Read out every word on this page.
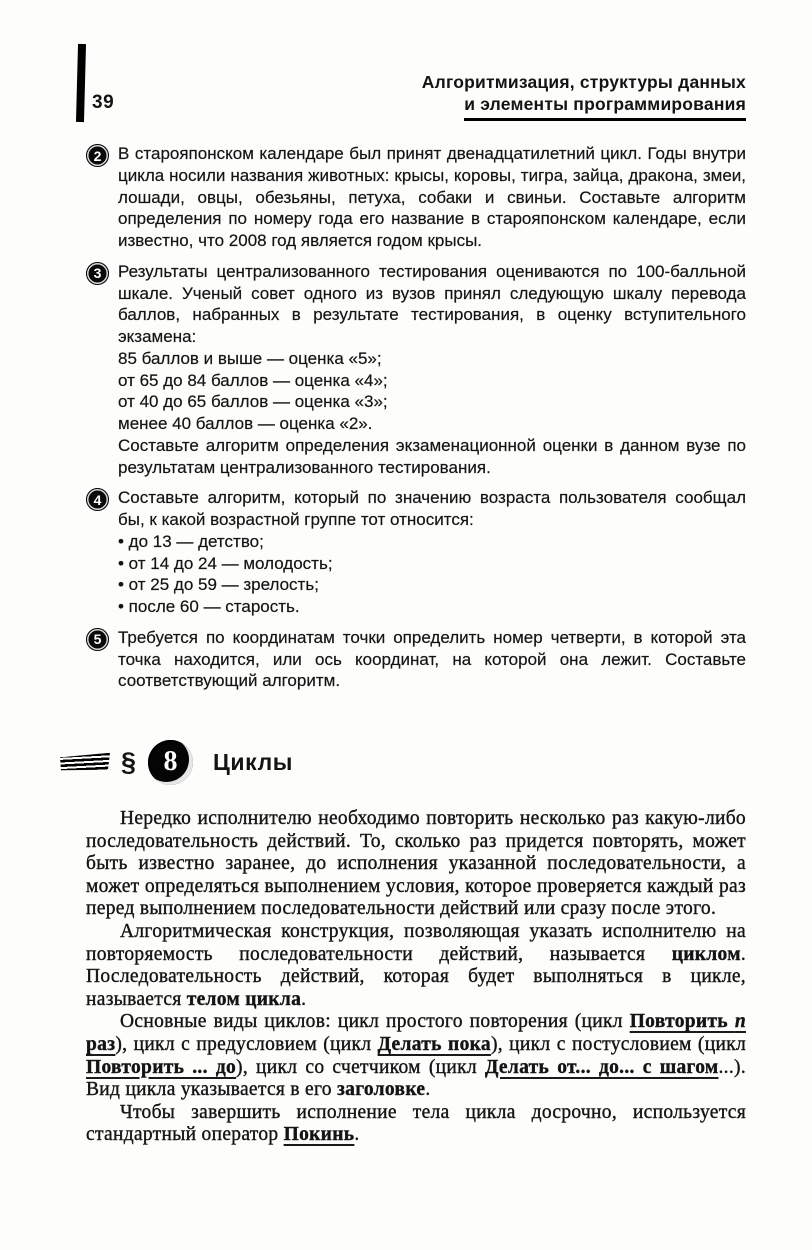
39
Алгоритмизация, структуры данных
и элементы программирования
2 В старояпонском календаре был принят двенадцатилетний цикл. Годы внутри цикла носили названия животных: крысы, коровы, тигра, зайца, дракона, змеи, лошади, овцы, обезьяны, петуха, собаки и свиньи. Составьте алгоритм определения по номеру года его название в старояпонском календаре, если известно, что 2008 год является годом крысы.
3 Результаты централизованного тестирования оцениваются по 100-балльной шкале. Ученый совет одного из вузов принял следующую шкалу перевода баллов, набранных в результате тестирования, в оценку вступительного экзамена:
85 баллов и выше — оценка «5»;
от 65 до 84 баллов — оценка «4»;
от 40 до 65 баллов — оценка «3»;
менее 40 баллов — оценка «2».
Составьте алгоритм определения экзаменационной оценки в данном вузе по результатам централизованного тестирования.
4 Составьте алгоритм, который по значению возраста пользователя сообщал бы, к какой возрастной группе тот относится:
• до 13 — детство;
• от 14 до 24 — молодость;
• от 25 до 59 — зрелость;
• после 60 — старость.
5 Требуется по координатам точки определить номер четверти, в которой эта точка находится, или ось координат, на которой она лежит. Составьте соответствующий алгоритм.
§ 8	Циклы
Нередко исполнителю необходимо повторить несколько раз какую-либо последовательность действий. То, сколько раз придется повторять, может быть известно заранее, до исполнения указанной последовательности, а может определяться выполнением условия, которое проверяется каждый раз перед выполнением последовательности действий или сразу после этого.
Алгоритмическая конструкция, позволяющая указать исполнителю на повторяемость последовательности действий, называется циклом. Последовательность действий, которая будет выполняться в цикле, называется телом цикла.
Основные виды циклов: цикл простого повторения (цикл Повторить n раз), цикл с предусловием (цикл Делать пока), цикл с постусловием (цикл Повторить ... до), цикл со счетчиком (цикл Делать от... до... с шагом...). Вид цикла указывается в его заголовке.
Чтобы завершить исполнение тела цикла досрочно, используется стандартный оператор Покинь.
